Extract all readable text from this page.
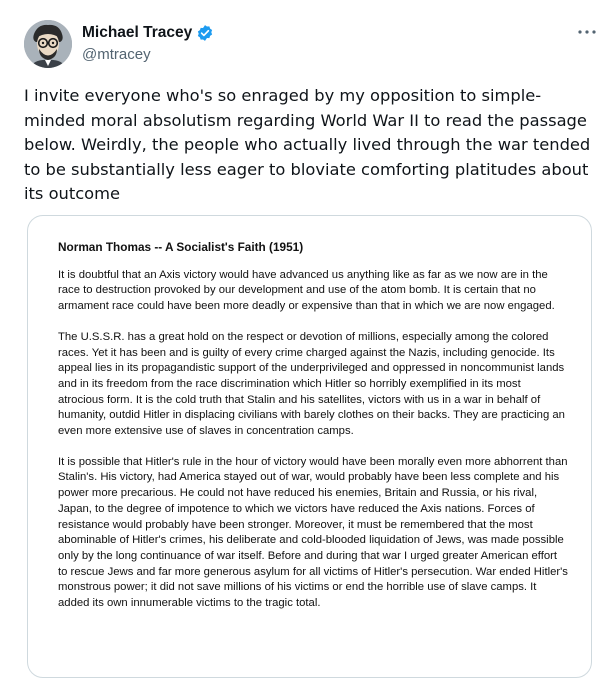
Michael Tracey
@mtracey

I invite everyone who's so enraged by my opposition to simple-minded moral absolutism regarding World War II to read the passage below. Weirdly, the people who actually lived through the war tended to be substantially less eager to bloviate comforting platitudes about its outcome

Norman Thomas -- A Socialist's Faith (1951)

It is doubtful that an Axis victory would have advanced us anything like as far as we now are in the race to destruction provoked by our development and use of the atom bomb. It is certain that no armament race could have been more deadly or expensive than that in which we are now engaged.

The U.S.S.R. has a great hold on the respect or devotion of millions, especially among the colored races. Yet it has been and is guilty of every crime charged against the Nazis, including genocide. Its appeal lies in its propagandistic support of the underprivileged and oppressed in noncommunist lands and in its freedom from the race discrimination which Hitler so horribly exemplified in its most atrocious form. It is the cold truth that Stalin and his satellites, victors with us in a war in behalf of humanity, outdid Hitler in displacing civilians with barely clothes on their backs. They are practicing an even more extensive use of slaves in concentration camps.

It is possible that Hitler's rule in the hour of victory would have been morally even more abhorrent than Stalin's. His victory, had America stayed out of war, would probably have been less complete and his power more precarious. He could not have reduced his enemies, Britain and Russia, or his rival, Japan, to the degree of impotence to which we victors have reduced the Axis nations. Forces of resistance would probably have been stronger. Moreover, it must be remembered that the most abominable of Hitler's crimes, his deliberate and cold-blooded liquidation of Jews, was made possible only by the long continuance of war itself. Before and during that war I urged greater American effort to rescue Jews and far more generous asylum for all victims of Hitler's persecution. War ended Hitler's monstrous power; it did not save millions of his victims or end the horrible use of slave camps. It added its own innumerable victims to the tragic total.
